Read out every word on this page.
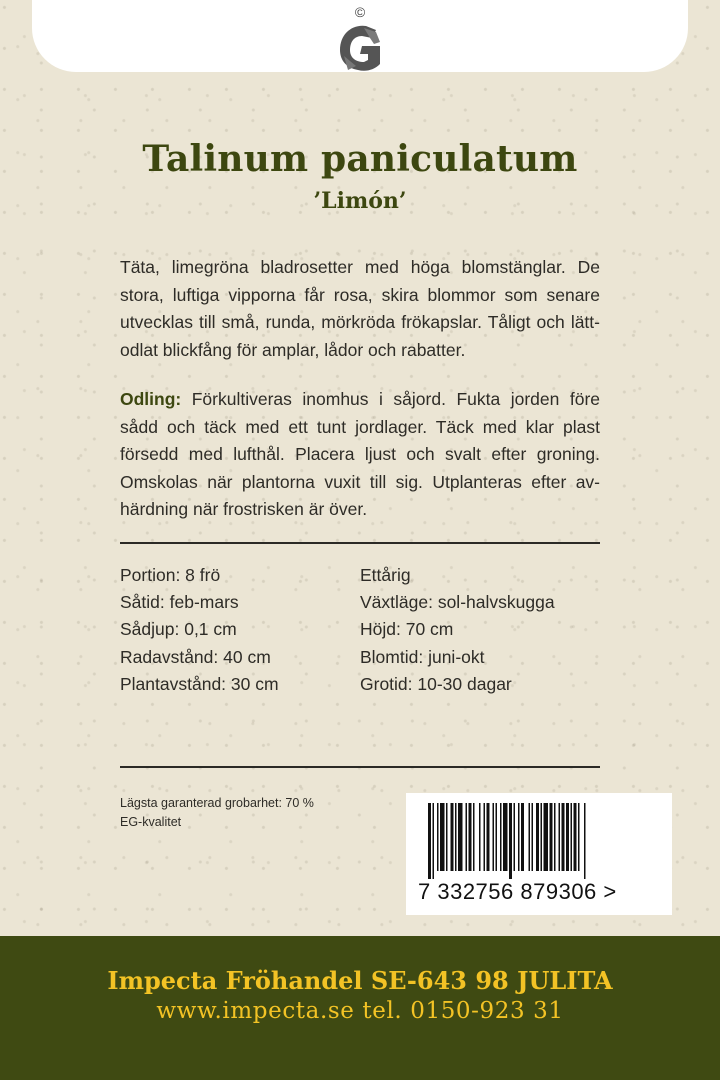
©
Talinum paniculatum
’Limón’
Täta, limegröna bladrosetter med höga blomstänglar. De stora, luftiga vipporna får rosa, skira blommor som senare utvecklas till små, runda, mörkröda frökapslar. Tåligt och lätt-odlat blickfång för amplar, lådor och rabatter.
Odling: Förkultiveras inomhus i såjord. Fukta jorden före sådd och täck med ett tunt jordlager. Täck med klar plast försedd med lufthål. Placera ljust och svalt efter groning. Omskolas när plantorna vuxit till sig. Utplanteras efter av-härdning när frostrisken är över.
Portion: 8 frö
Såtid: feb-mars
Sådjup: 0,1 cm
Radavstånd: 40 cm
Plantavstånd: 30 cm
Ettårig
Växtläge: sol-halvskugga
Höjd: 70 cm
Blomtid: juni-okt
Grotid: 10-30 dagar
Lägsta garanterad grobarhet: 70 %
EG-kvalitet
7 332756 879306 >
Impecta Fröhandel SE-643 98 JULITA
www.impecta.se tel. 0150-923 31
